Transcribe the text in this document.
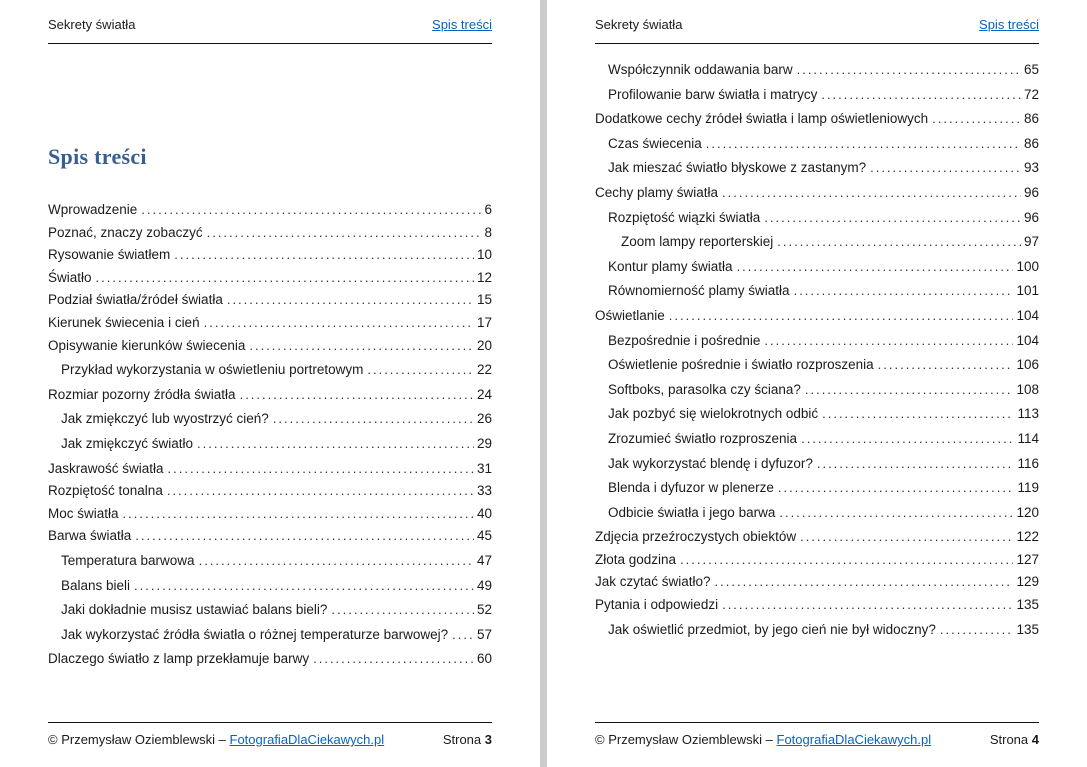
Sekrety światła	Spis treści
Spis treści
Wprowadzenie .....	6
Poznać, znaczy zobaczyć .....	8
Rysowanie światłem .....	10
Światło .....	12
Podział światła/źródeł światła .....	15
Kierunek świecenia i cień .....	17
Opisywanie kierunków świecenia .....	20
Przykład wykorzystania w oświetleniu portretowym .....	22
Rozmiar pozorny źródła światła .....	24
Jak zmiękczyć lub wyostrzyć cień? .....	26
Jak zmiękczyć światło .....	29
Jaskrawość światła .....	31
Rozpiętość tonalna .....	33
Moc światła .....	40
Barwa światła .....	45
Temperatura barwowa .....	47
Balans bieli .....	49
Jaki dokładnie musisz ustawiać balans bieli? .....	52
Jak wykorzystać źródła światła o różnej temperaturze barwowej? ..... 57
Dlaczego światło z lamp przekłamuje barwy .....	60
© Przemysław Oziemblewski – FotografiaDlaCiekawych.pl	Strona 3
Sekrety światła	Spis treści
Współczynnik oddawania barw .....	65
Profilowanie barw światła i matrycy .....	72
Dodatkowe cechy źródeł światła i lamp oświetleniowych .....	86
Czas świecenia .....	86
Jak mieszać światło błyskowe z zastanym? .....	93
Cechy plamy światła .....	96
Rozpiętość wiązki światła .....	96
Zoom lampy reporterskiej .....	97
Kontur plamy światła .....	100
Równomierność plamy światła .....	101
Oświetlanie .....	104
Bezpośrednie i pośrednie .....	104
Oświetlenie pośrednie i światło rozproszenia .....	106
Softboks, parasolka czy ściana? .....	108
Jak pozbyć się wielokrotnych odbić .....	113
Zrozumieć światło rozproszenia .....	114
Jak wykorzystać blendę i dyfuzor? .....	116
Blenda i dyfuzor w plenerze .....	119
Odbicie światła i jego barwa .....	120
Zdjęcia przeźroczystych obiektów .....	122
Złota godzina .....	127
Jak czytać światło? .....	129
Pytania i odpowiedzi .....	135
Jak oświetlić przedmiot, by jego cień nie był widoczny? .....	135
© Przemysław Oziemblewski – FotografiaDlaCiekawych.pl	Strona 4
